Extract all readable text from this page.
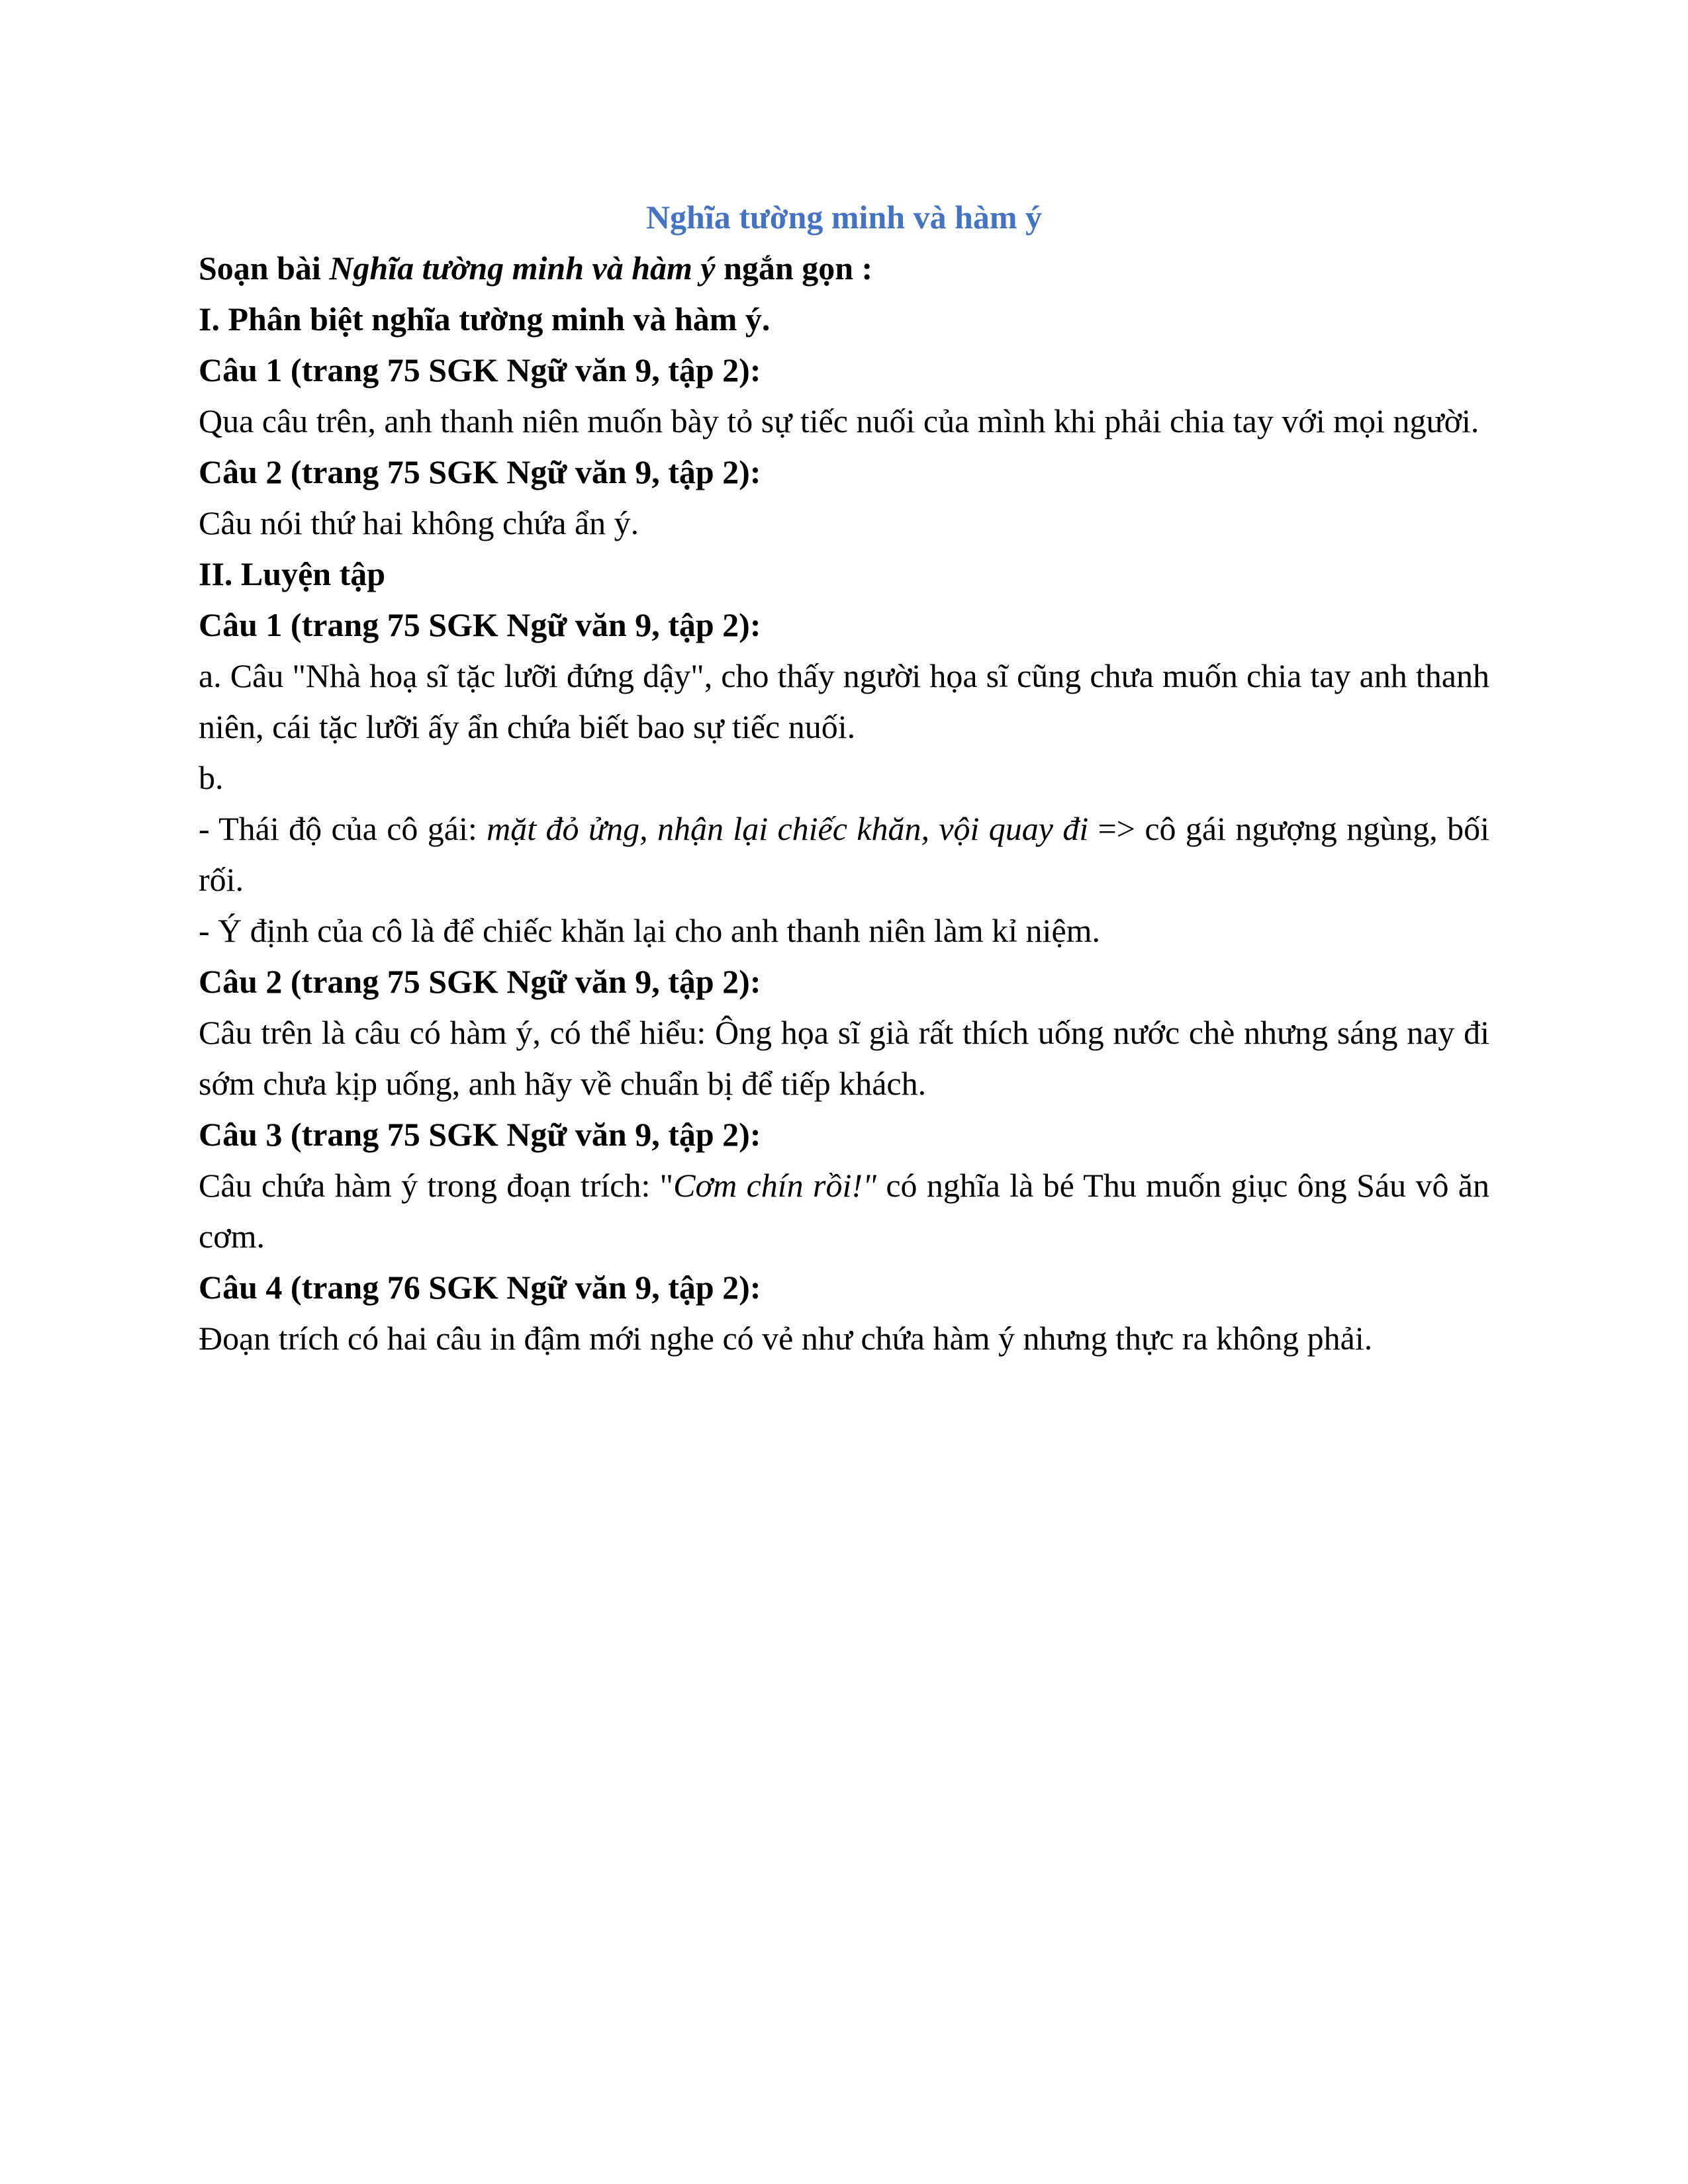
Nghĩa tường minh và hàm ý

Soạn bài Nghĩa tường minh và hàm ý ngắn gọn :

I. Phân biệt nghĩa tường minh và hàm ý.

Câu 1 (trang 75 SGK Ngữ văn 9, tập 2):

Qua câu trên, anh thanh niên muốn bày tỏ sự tiếc nuối của mình khi phải chia tay với mọi người.

Câu 2 (trang 75 SGK Ngữ văn 9, tập 2):

Câu nói thứ hai không chứa ẩn ý.

II. Luyện tập

Câu 1 (trang 75 SGK Ngữ văn 9, tập 2):

a. Câu "Nhà hoạ sĩ tặc lưỡi đứng dậy", cho thấy người họa sĩ cũng chưa muốn chia tay anh thanh niên, cái tặc lưỡi ấy ẩn chứa biết bao sự tiếc nuối.

b.

- Thái độ của cô gái: mặt đỏ ửng, nhận lại chiếc khăn, vội quay đi => cô gái ngượng ngùng, bối rối.

- Ý định của cô là để chiếc khăn lại cho anh thanh niên làm kỉ niệm.

Câu 2 (trang 75 SGK Ngữ văn 9, tập 2):

Câu trên là câu có hàm ý, có thể hiểu: Ông họa sĩ già rất thích uống nước chè nhưng sáng nay đi sớm chưa kịp uống, anh hãy về chuẩn bị để tiếp khách.

Câu 3 (trang 75 SGK Ngữ văn 9, tập 2):

Câu chứa hàm ý trong đoạn trích: "Cơm chín rồi!" có nghĩa là bé Thu muốn giục ông Sáu vô ăn cơm.

Câu 4 (trang 76 SGK Ngữ văn 9, tập 2):

Đoạn trích có hai câu in đậm mới nghe có vẻ như chứa hàm ý nhưng thực ra không phải.
